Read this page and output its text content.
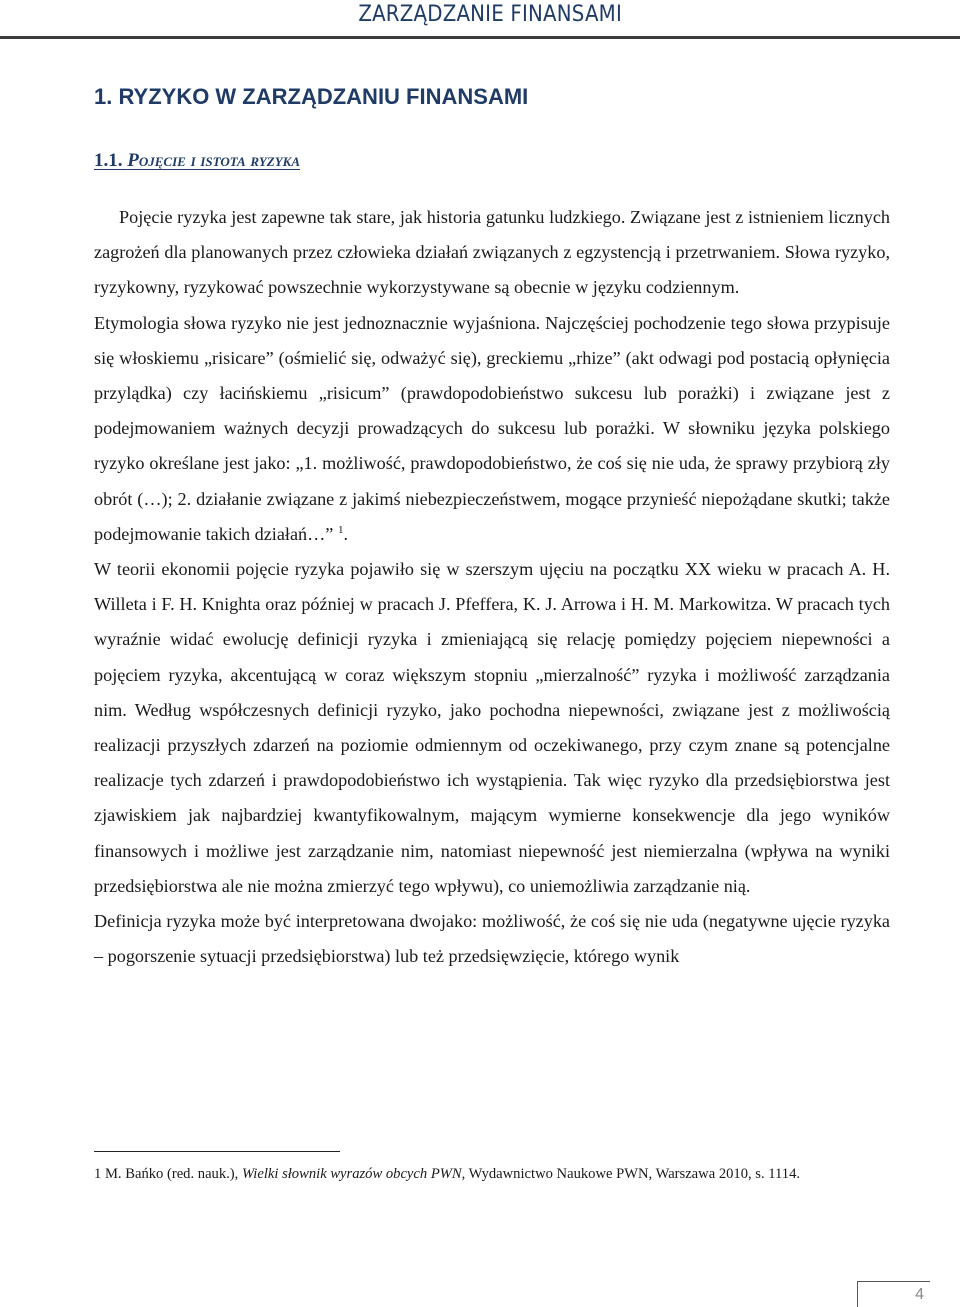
ZARZĄDZANIE FINANSAMI
1. RYZYKO W ZARZĄDZANIU FINANSAMI
1.1. Pojęcie i istota ryzyka

Pojęcie ryzyka jest zapewne tak stare, jak historia gatunku ludzkiego. Związane jest z istnieniem licznych zagrożeń dla planowanych przez człowieka działań związanych z egzystencją i przetrwaniem. Słowa ryzyko, ryzykowny, ryzykować powszechnie wykorzystywane są obecnie w języku codziennym.

Etymologia słowa ryzyko nie jest jednoznacznie wyjaśniona. Najczęściej pochodzenie tego słowa przypisuje się włoskiemu „risicare” (ośmielić się, odważyć się), greckiemu „rhize” (akt odwagi pod postacią opłynięcia przylądka) czy łacińskiemu „risicum” (prawdopodobieństwo sukcesu lub porażki) i związane jest z podejmowaniem ważnych decyzji prowadzących do sukcesu lub porażki. W słowniku języka polskiego ryzyko określane jest jako: „1. możliwość, prawdopodobieństwo, że coś się nie uda, że sprawy przybiorą zły obrót (…); 2. działanie związane z jakimś niebezpieczeństwem, mogące przynieść niepożądane skutki; także podejmowanie takich działań…” $^1$.

W teorii ekonomii pojęcie ryzyka pojawiło się w szerszym ujęciu na początku XX wieku w pracach A. H. Willeta i F. H. Knighta oraz później w pracach J. Pfeffera, K. J. Arrowa i H. M. Markowitza. W pracach tych wyraźnie widać ewolucję definicji ryzyka i zmieniającą się relację pomiędzy pojęciem niepewności a pojęciem ryzyka, akcentującą w coraz większym stopniu „mierzalność” ryzyka i możliwość zarządzania nim. Według współczesnych definicji ryzyko, jako pochodna niepewności, związane jest z możliwością realizacji przyszłych zdarzeń na poziomie odmiennym od oczekiwanego, przy czym znane są potencjalne realizacje tych zdarzeń i prawdopodobieństwo ich wystąpienia. Tak więc ryzyko dla przedsiębiorstwa jest zjawiskiem jak najbardziej kwantyfikowalnym, mającym wymierne konsekwencje dla jego wyników finansowych i możliwe jest zarządzanie nim, natomiast niepewność jest niemierzalna (wpływa na wyniki przedsiębiorstwa ale nie można zmierzyć tego wpływu), co uniemożliwia zarządzanie nią.

Definicja ryzyka może być interpretowana dwojako: możliwość, że coś się nie uda (negatywne ujęcie ryzyka – pogorszenie sytuacji przedsiębiorstwa) lub też przedsięwzięcie, którego wynik

1 M. Bańko (red. nauk.), Wielki słownik wyrazów obcych PWN, Wydawnictwo Naukowe PWN, Warszawa 2010, s. 1114.

4
